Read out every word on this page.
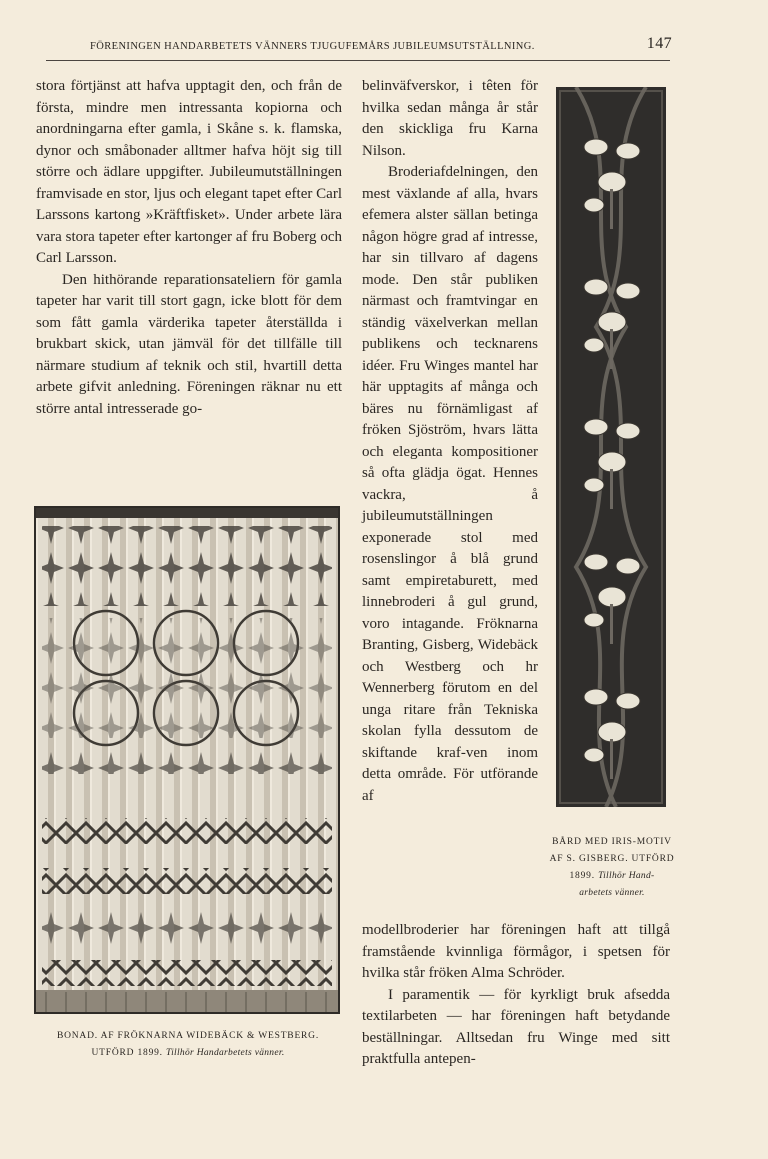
FÖRENINGEN HANDARBETETS VÄNNERS TJUGUFEMÅRS JUBILEUMSUTSTÄLLNING.	147

stora förtjänst att hafva upptagit den, och från de första, mindre men intressanta kopiorna och anordningarna efter gamla, i Skåne s. k. flamska, dynor och småbonader alltmer hafva höjt sig till större och ädlare uppgifter. Jubileumutställningen framvisade en stor, ljus och elegant tapet efter Carl Larssons kartong »Kräftfisket». Under arbete lära vara stora tapeter efter kartonger af fru Boberg och Carl Larsson.

Den hithörande reparationsateliern för gamla tapeter har varit till stort gagn, icke blott för dem som fått gamla värderika tapeter återställda i brukbart skick, utan jämväl för det tillfälle till närmare studium af teknik och stil, hvartill detta arbete gifvit anledning. Föreningen räknar nu ett större antal intresserade go-

belinväfverskor, i têten för hvilka sedan många år står den skickliga fru Karna Nilson.

Broderiafdelningen, den mest växlande af alla, hvars efemera alster sällan betinga någon högre grad af intresse, har sin tillvaro af dagens mode. Den står publiken närmast och framtvingar en ständig växelverkan mellan publikens och tecknarens idéer. Fru Winges mantel har här upptagits af många och bäres nu förnämligast af fröken Sjöström, hvars lätta och eleganta kompositioner så ofta glädja ögat. Hennes vackra, å jubileumutställningen exponerade stol med rosenslingor å blå grund samt empiretaburett, med linnebroderi å gul grund, voro intagande. Fröknarna Branting, Gisberg, Widebäck och Westberg och hr Wennerberg förutom en del unga ritare från Tekniska skolan fylla dessutom de skiftande kraf-ven inom detta område. För utförande af

modellbroderier har föreningen haft att tillgå framstående kvinnliga förmågor, i spetsen för hvilka står fröken Alma Schröder.

I paramentik — för kyrkligt bruk afsedda textilarbeten — har föreningen haft betydande beställningar. Alltsedan fru Winge med sitt praktfulla antepen-

BONAD. AF FRÖKNARNA WIDEBÄCK & WESTBERG.
UTFÖRD 1899. Tillhör Handarbetets vänner.
BÅRD MED IRIS-MOTIV
AF S. GISBERG. UTFÖRD
1899. Tillhör Hand-
arbetets vänner.
